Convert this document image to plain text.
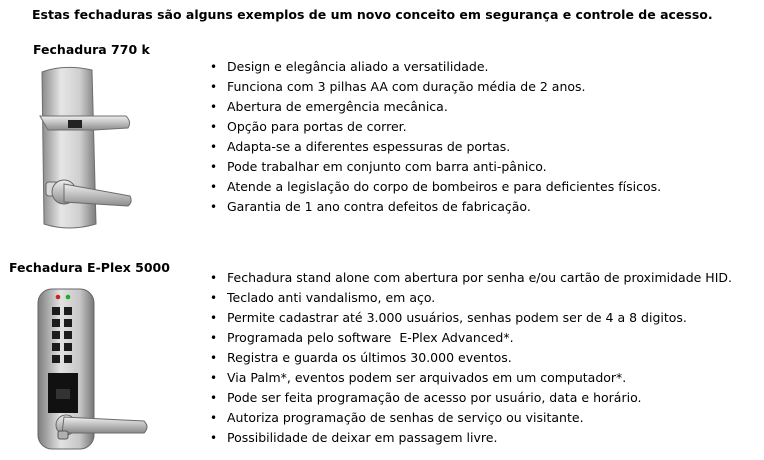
Estas fechaduras são alguns exemplos de um novo conceito em segurança e controle de acesso.
Fechadura 770 k
• Design e elegância aliado a versatilidade.
• Funciona com 3 pilhas AA com duração média de 2 anos.
• Abertura de emergência mecânica.
• Opção para portas de correr.
• Adapta-se a diferentes espessuras de portas.
• Pode trabalhar em conjunto com barra anti-pânico.
• Atende a legislação do corpo de bombeiros e para deficientes físicos.
• Garantia de 1 ano contra defeitos de fabricação.
Fechadura E-Plex 5000
• Fechadura stand alone com abertura por senha e/ou cartão de proximidade HID.
• Teclado anti vandalismo, em aço.
• Permite cadastrar até 3.000 usuários, senhas podem ser de 4 a 8 digitos.
• Programada pelo software  E-Plex Advanced*.
• Registra e guarda os últimos 30.000 eventos.
• Via Palm*, eventos podem ser arquivados em um computador*.
• Pode ser feita programação de acesso por usuário, data e horário.
• Autoriza programação de senhas de serviço ou visitante.
• Possibilidade de deixar em passagem livre.
